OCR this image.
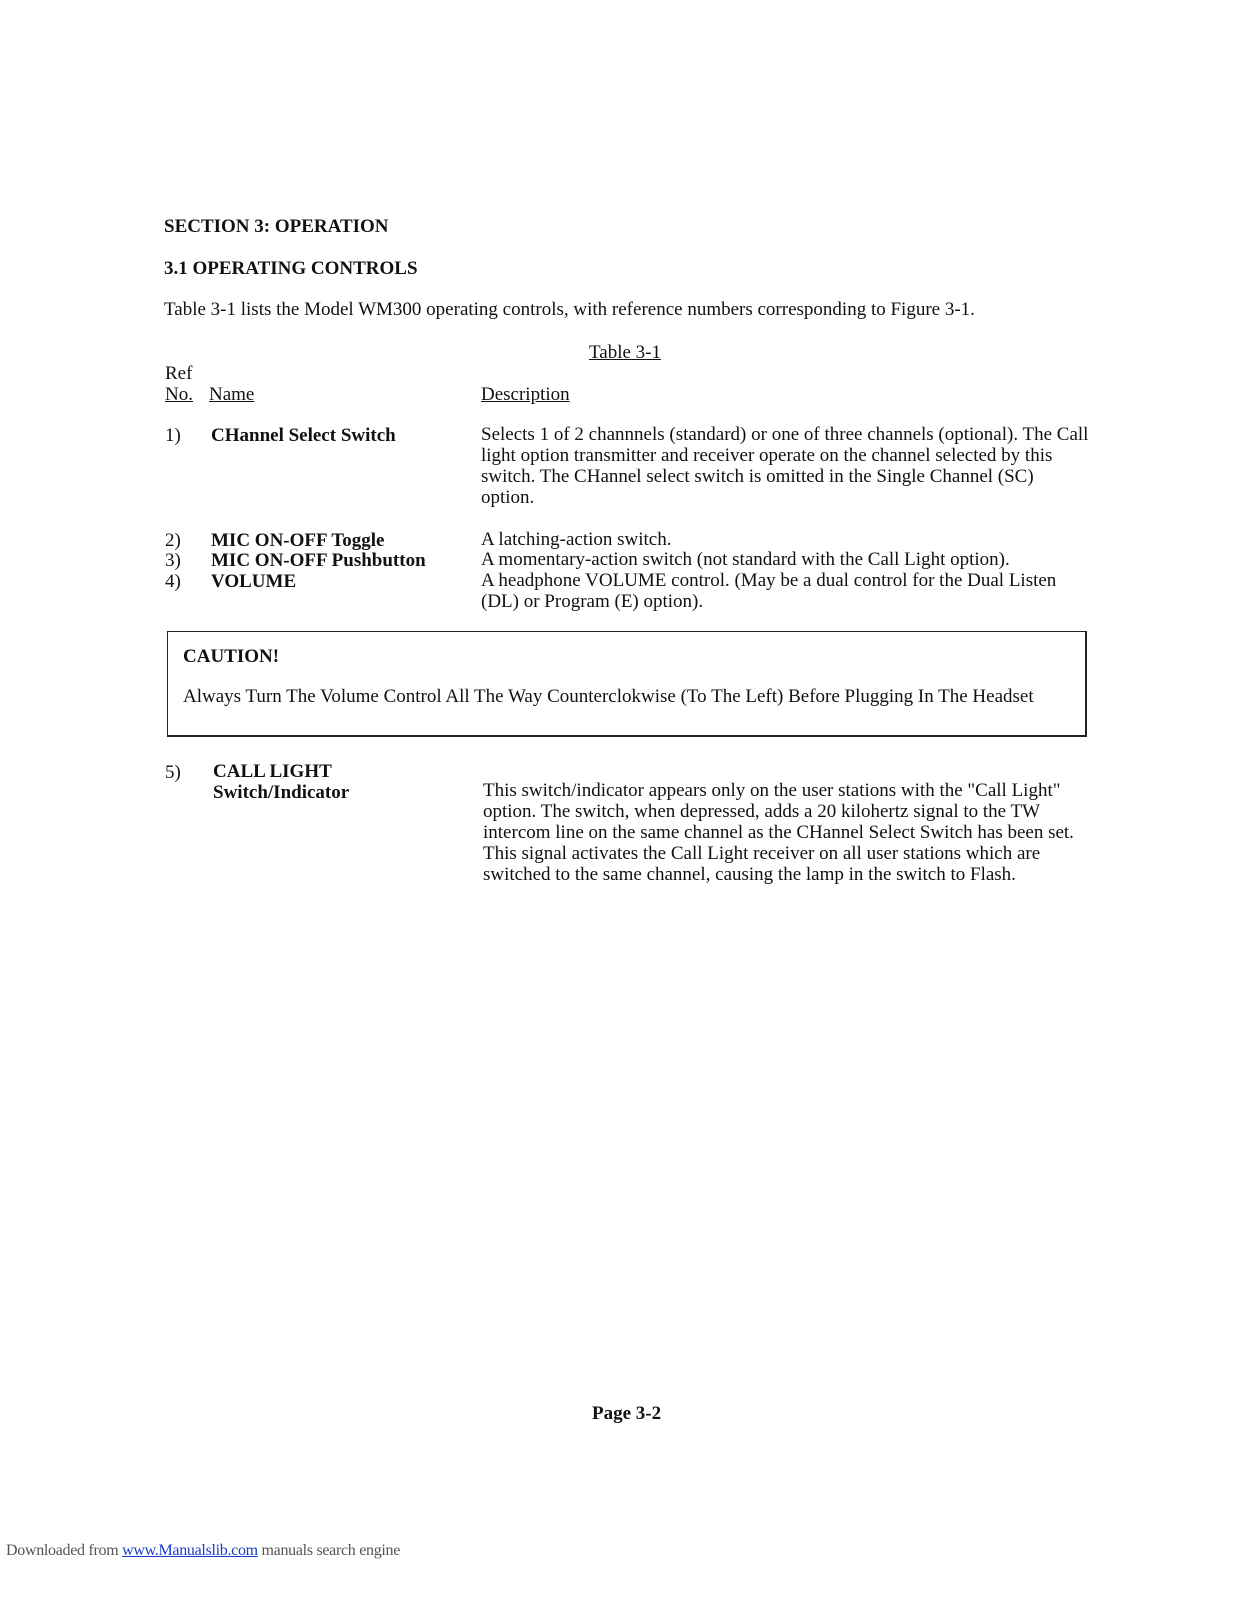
SECTION 3: OPERATION
3.1 OPERATING CONTROLS
Table 3-1 lists the Model WM300 operating controls, with reference numbers corresponding to Figure 3-1.
Table 3-1
Ref
No. Name	Description
1) CHannel Select Switch	Selects 1 of 2 channnels (standard) or one of three channels (optional). The Call light option transmitter and receiver operate on the channel selected by this switch. The CHannel select switch is omitted in the Single Channel (SC) option.
2) MIC ON-OFF Toggle	A latching-action switch.
3) MIC ON-OFF Pushbutton	A momentary-action switch (not standard with the Call Light option).
4) VOLUME	A headphone VOLUME control. (May be a dual control for the Dual Listen (DL) or Program (E) option).
CAUTION!
Always Turn The Volume Control All The Way Counterclokwise (To The Left) Before Plugging In The Headset
5) CALL LIGHT
Switch/Indicator	This switch/indicator appears only on the user stations with the "Call Light" option. The switch, when depressed, adds a 20 kilohertz signal to the TW intercom line on the same channel as the CHannel Select Switch has been set. This signal activates the Call Light receiver on all user stations which are switched to the same channel, causing the lamp in the switch to Flash.
Page 3-2
Downloaded from www.Manualslib.com manuals search engine
